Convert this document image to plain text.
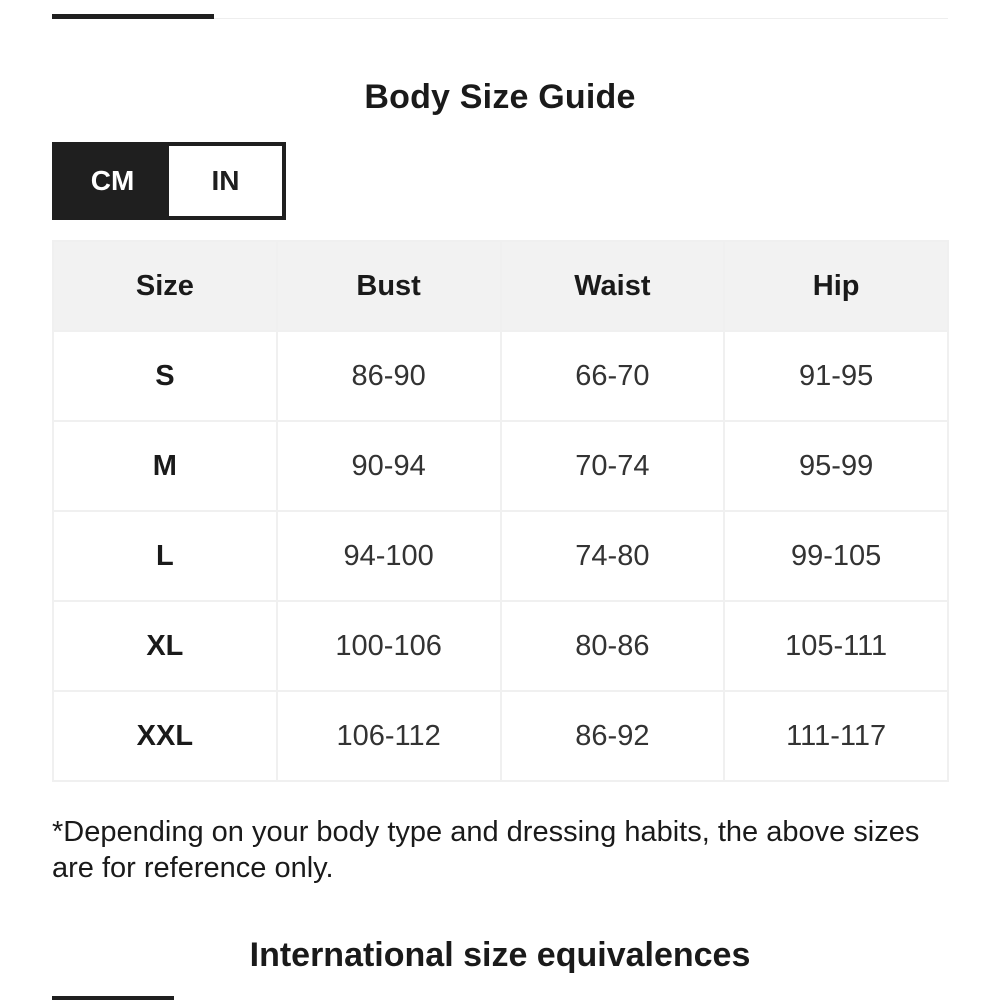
Body Size Guide
CM	IN
Size	Bust	Waist	Hip
S	86-90	66-70	91-95
M	90-94	70-74	95-99
L	94-100	74-80	99-105
XL	100-106	80-86	105-111
XXL	106-112	86-92	111-117
*Depending on your body type and dressing habits, the above sizes are for reference only.
International size equivalences
